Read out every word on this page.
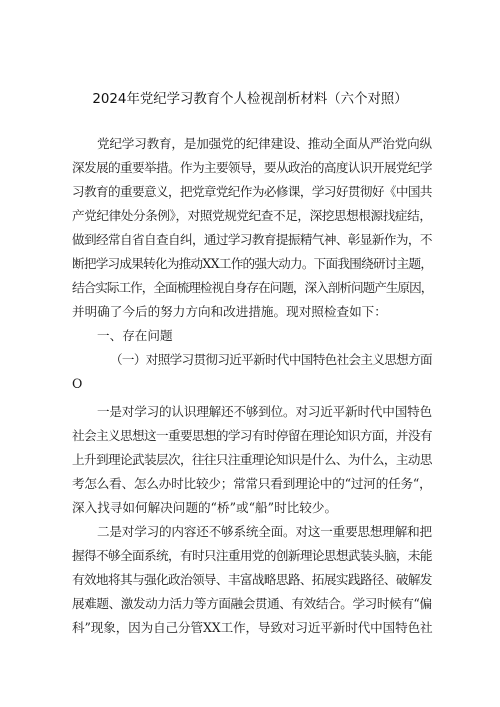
2024年党纪学习教育个人检视剖析材料（六个对照）
党纪学习教育，是加强党的纪律建设、推动全面从严治党向纵
深发展的重要举措。作为主要领导，要从政治的高度认识开展党纪学
习教育的重要意义，把党章党纪作为必修课，学习好贯彻好《中国共
产党纪律处分条例》，对照党规党纪查不足，深挖思想根源找症结，
做到经常自省自查自纠，通过学习教育提振精气神、彰显新作为，不
断把学习成果转化为推动XX工作的强大动力。下面我围绕研讨主题，
结合实际工作，全面梳理检视自身存在问题，深入剖析问题产生原因，
并明确了今后的努力方向和改进措施。现对照检查如下：
一、存在问题
（一）对照学习贯彻习近平新时代中国特色社会主义思想方面
O
一是对学习的认识理解还不够到位。对习近平新时代中国特色
社会主义思想这一重要思想的学习有时停留在理论知识方面，并没有
上升到理论武装层次，往往只注重理论知识是什么、为什么，主动思
考怎么看、怎么办时比较少；常常只看到理论中的“过河的任务“，
深入找寻如何解决问题的“桥”或“船”时比较少。
二是对学习的内容还不够系统全面。对这一重要思想理解和把
握得不够全面系统，有时只注重用党的创新理论思想武装头脑，未能
有效地将其与强化政治领导、丰富战略思路、拓展实践路径、破解发
展难题、激发动力活力等方面融会贯通、有效结合。学习时候有“偏
科”现象，因为自己分管XX工作，导致对习近平新时代中国特色社
